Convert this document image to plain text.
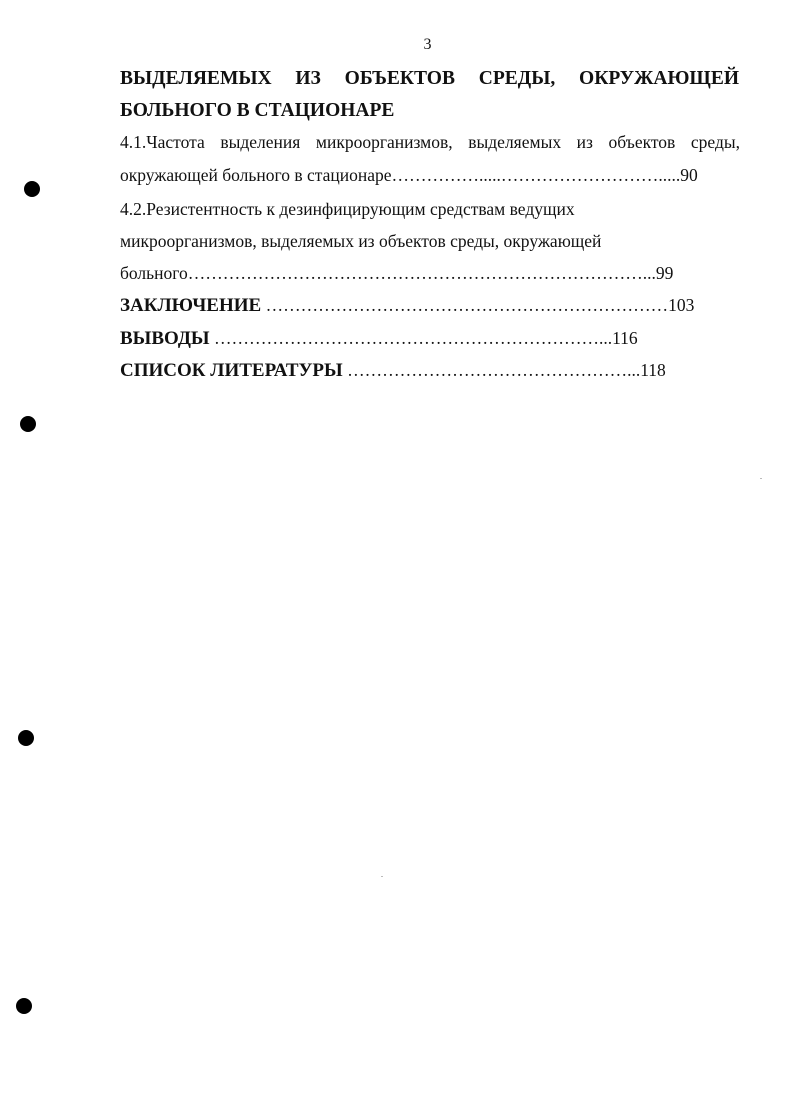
3
ВЫДЕЛЯЕМЫХ ИЗ ОБЪЕКТОВ СРЕДЫ, ОКРУЖАЮЩЕЙ
БОЛЬНОГО В СТАЦИОНАРЕ
4.1.Частота выделения микроорганизмов, выделяемых из объектов среды,
окружающей больного в стационаре…………….....……………………….....90
4.2.Резистентность к дезинфицирующим средствам ведущих
микроорганизмов, выделяемых из объектов среды, окружающей
больного……………………………………………………………………...99
ЗАКЛЮЧЕНИЕ ……………………………………………………………103
ВЫВОДЫ …………………………………………………………...116
СПИСОК ЛИТЕРАТУРЫ …………………………………………...118
